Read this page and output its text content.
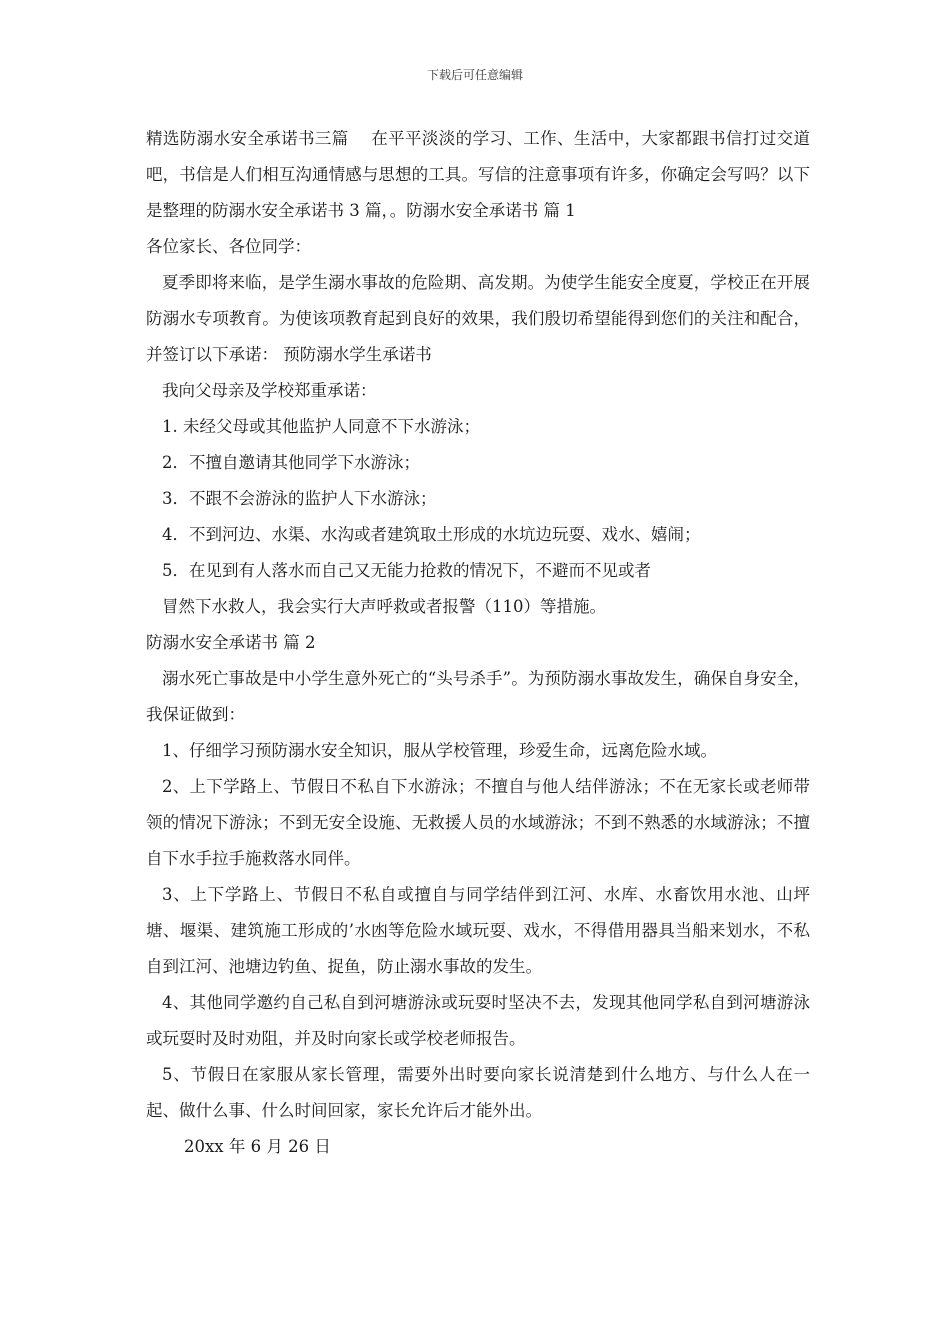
下载后可任意编辑

精选防溺水安全承诺书三篇　 在平平淡淡的学习、工作、生活中，大家都跟书信打过交道吧，书信是人们相互沟通情感与思想的工具。写信的注意事项有许多，你确定会写吗？以下是整理的防溺水安全承诺书 3 篇，。防溺水安全承诺书 篇 1

各位家长、各位同学：

夏季即将来临，是学生溺水事故的危险期、高发期。为使学生能安全度夏，学校正在开展防溺水专项教育。为使该项教育起到良好的效果，我们殷切希望能得到您们的关注和配合，并签订以下承诺： 预防溺水学生承诺书

我向父母亲及学校郑重承诺：

1. 未经父母或其他监护人同意不下水游泳；

2．不擅自邀请其他同学下水游泳；

3．不跟不会游泳的监护人下水游泳；

4．不到河边、水渠、水沟或者建筑取土形成的水坑边玩耍、戏水、嬉闹；

5．在见到有人落水而自己又无能力抢救的情况下，不避而不见或者

冒然下水救人，我会实行大声呼救或者报警（110）等措施。

防溺水安全承诺书 篇 2

溺水死亡事故是中小学生意外死亡的“头号杀手”。为预防溺水事故发生，确保自身安全，我保证做到：

1、仔细学习预防溺水安全知识，服从学校管理，珍爱生命，远离危险水域。

2、上下学路上、节假日不私自下水游泳；不擅自与他人结伴游泳；不在无家长或老师带领的情况下游泳；不到无安全设施、无救援人员的水域游泳；不到不熟悉的水域游泳；不擅自下水手拉手施救落水同伴。

3、上下学路上、节假日不私自或擅自与同学结伴到江河、水库、水畜饮用水池、山坪塘、堰渠、建筑施工形成的’水凼等危险水域玩耍、戏水，不得借用器具当船来划水，不私自到江河、池塘边钓鱼、捉鱼，防止溺水事故的发生。

4、其他同学邀约自己私自到河塘游泳或玩耍时坚决不去，发现其他同学私自到河塘游泳或玩耍时及时劝阻，并及时向家长或学校老师报告。

5、节假日在家服从家长管理，需要外出时要向家长说清楚到什么地方、与什么人在一起、做什么事、什么时间回家，家长允许后才能外出。

20xx 年 6 月 26 日
